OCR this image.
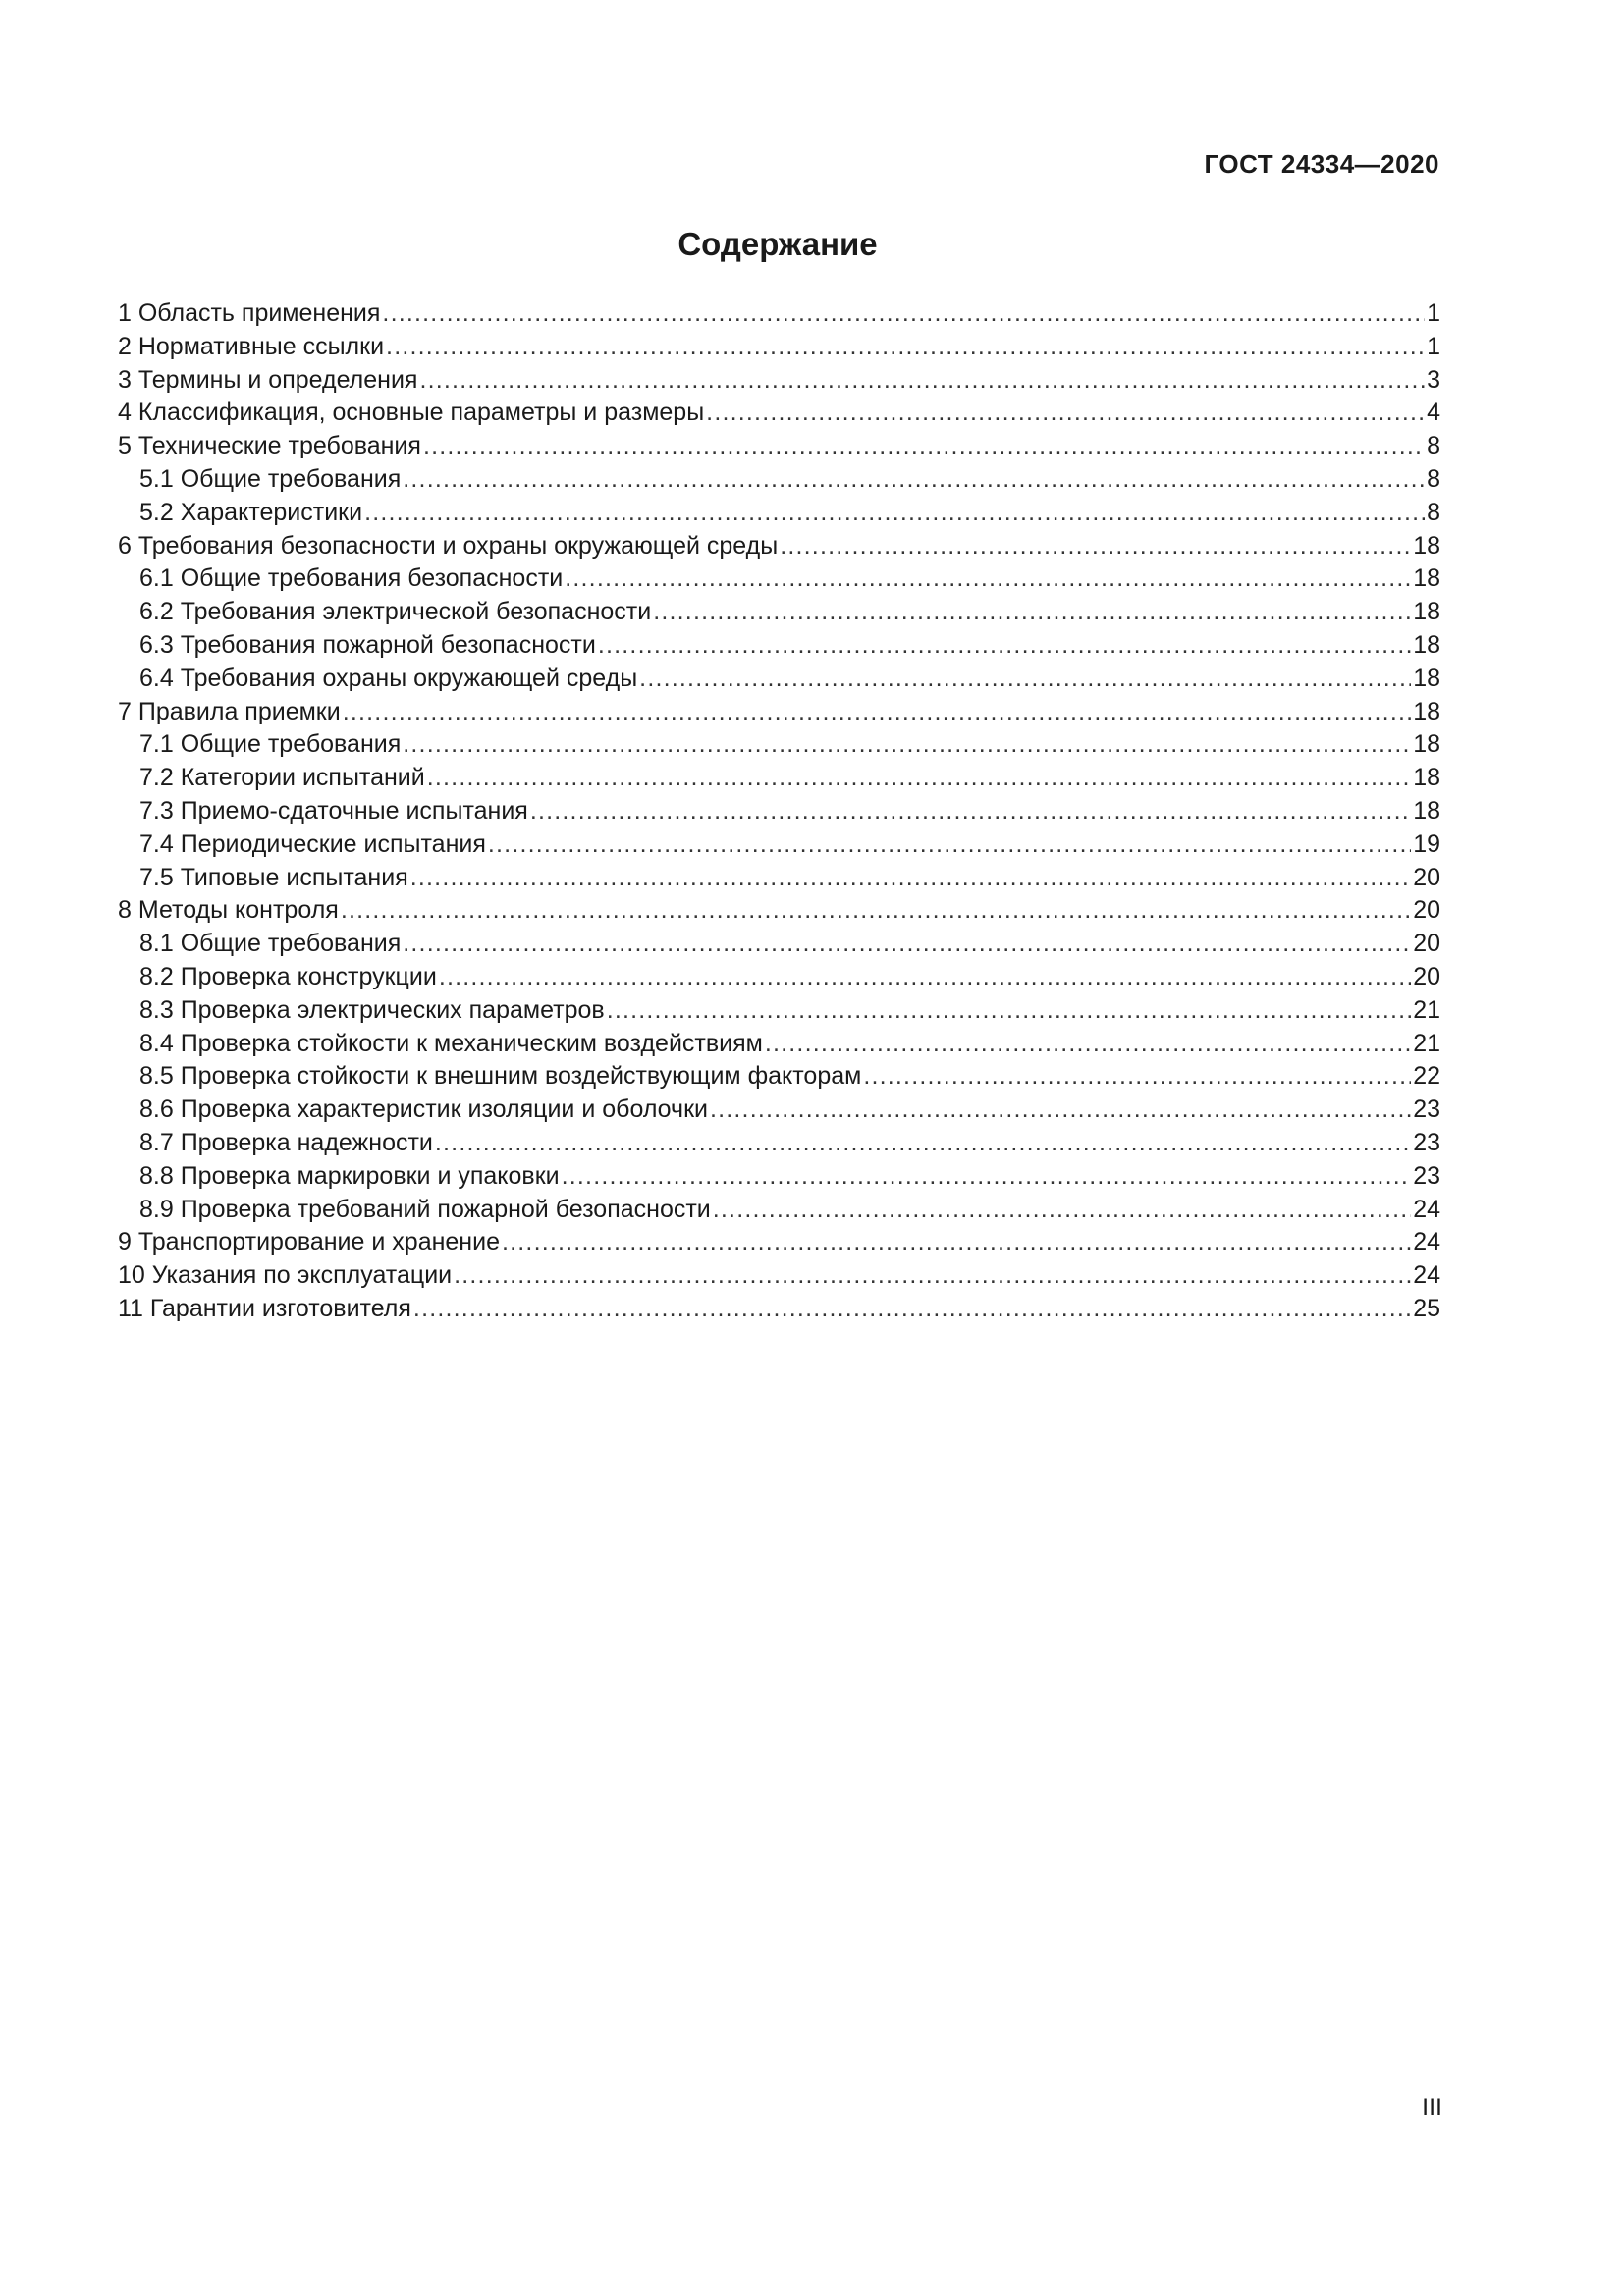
ГОСТ 24334—2020
Содержание
1 Область применения .....	1
2 Нормативные ссылки .....	1
3 Термины и определения .....	3
4 Классификация, основные параметры и размеры .....	4
5 Технические требования .....	8
5.1 Общие требования .....	8
5.2 Характеристики .....	8
6 Требования безопасности и охраны окружающей среды .....	18
6.1 Общие требования безопасности .....	18
6.2 Требования электрической безопасности .....	18
6.3 Требования пожарной безопасности .....	18
6.4 Требования охраны окружающей среды .....	18
7 Правила приемки .....	18
7.1 Общие требования .....	18
7.2 Категории испытаний .....	18
7.3 Приемо-сдаточные испытания .....	18
7.4 Периодические испытания .....	19
7.5 Типовые испытания .....	20
8 Методы контроля .....	20
8.1 Общие требования .....	20
8.2 Проверка конструкции .....	20
8.3 Проверка электрических параметров .....	21
8.4 Проверка стойкости к механическим воздействиям .....	21
8.5 Проверка стойкости к внешним воздействующим факторам .....	22
8.6 Проверка характеристик изоляции и оболочки .....	23
8.7 Проверка надежности .....	23
8.8 Проверка маркировки и упаковки .....	23
8.9 Проверка требований пожарной безопасности .....	24
9 Транспортирование и хранение .....	24
10 Указания по эксплуатации .....	24
11 Гарантии изготовителя .....	25
III
